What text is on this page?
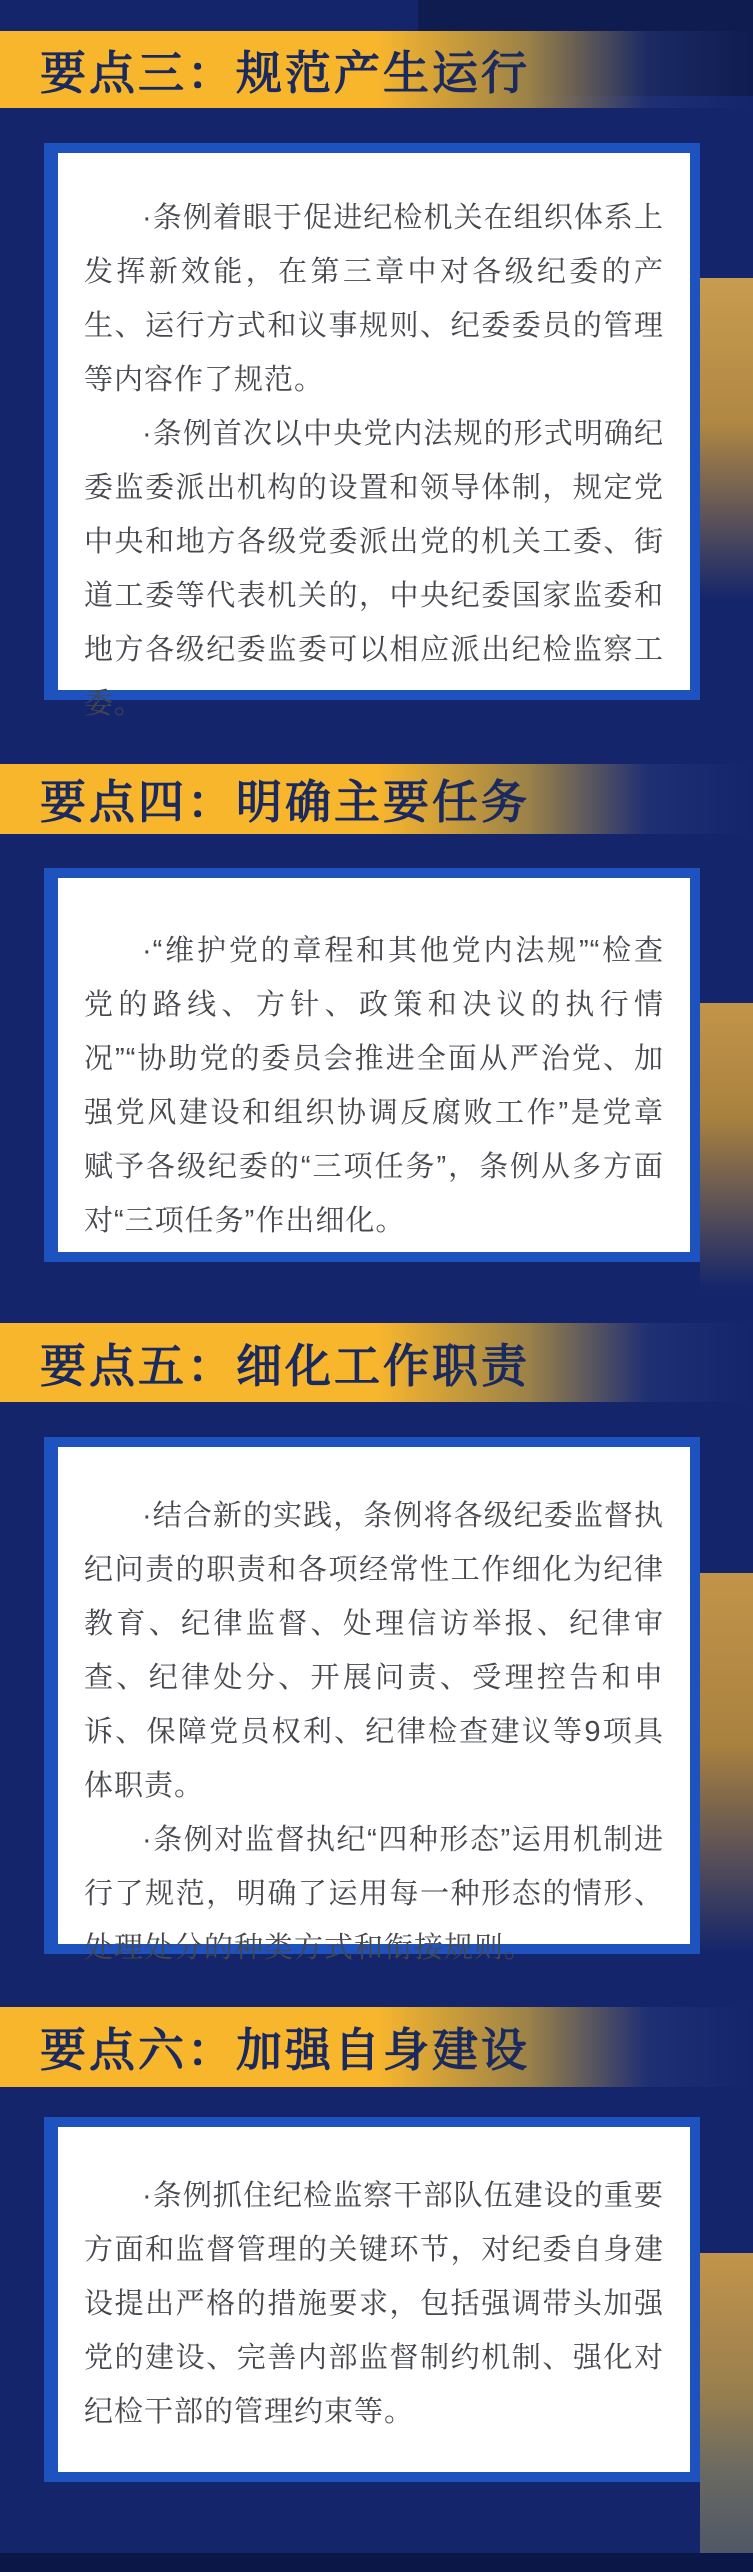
要点三：规范产生运行

·条例着眼于促进纪检机关在组织体系上发挥新效能，在第三章中对各级纪委的产生、运行方式和议事规则、纪委委员的管理等内容作了规范。

·条例首次以中央党内法规的形式明确纪委监委派出机构的设置和领导体制，规定党中央和地方各级党委派出党的机关工委、街道工委等代表机关的，中央纪委国家监委和地方各级纪委监委可以相应派出纪检监察工委。

要点四：明确主要任务

·“维护党的章程和其他党内法规”“检查党的路线、方针、政策和决议的执行情况”“协助党的委员会推进全面从严治党、加强党风建设和组织协调反腐败工作”是党章赋予各级纪委的“三项任务”，条例从多方面对“三项任务”作出细化。

要点五：细化工作职责

·结合新的实践，条例将各级纪委监督执纪问责的职责和各项经常性工作细化为纪律教育、纪律监督、处理信访举报、纪律审查、纪律处分、开展问责、受理控告和申诉、保障党员权利、纪律检查建议等9项具体职责。

·条例对监督执纪“四种形态”运用机制进行了规范，明确了运用每一种形态的情形、处理处分的种类方式和衔接规则。

要点六：加强自身建设

·条例抓住纪检监察干部队伍建设的重要方面和监督管理的关键环节，对纪委自身建设提出严格的措施要求，包括强调带头加强党的建设、完善内部监督制约机制、强化对纪检干部的管理约束等。
